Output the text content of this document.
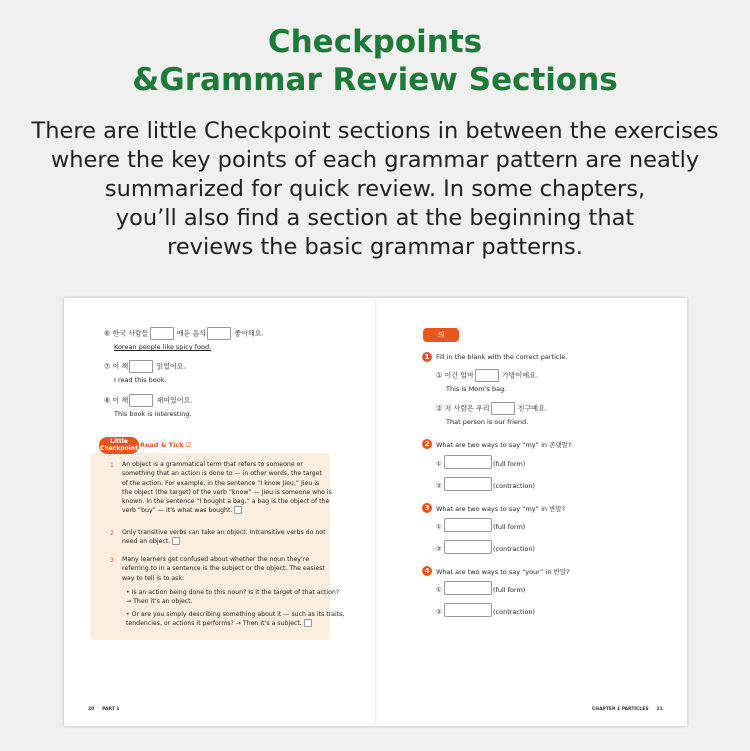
Checkpoints
&Grammar Review Sections
There are little Checkpoint sections in between the exercises
where the key points of each grammar pattern are neatly
summarized for quick review. In some chapters,
you’ll also find a section at the beginning that
reviews the basic grammar patterns.
⑥ 한국 사람들	매운 음식	좋아해요.
Korean people like spicy food.
⑦ 이 책	읽었어요.
I read this book.
⑧ 이 책	재미있어요.
This book is interesting.
Little
Checkpoint Read & Tick ☑
1 An object is a grammatical term that refers to someone or
something that an action is done to — in other words, the target
of the action. For example, in the sentence “I know Jieu,” Jieu is
the object (the target) of the verb “know” — Jieu is someone who is
known. In the sentence “I bought a bag,” a bag is the object of the
verb “buy” — it’s what was bought.
2 Only transitive verbs can take an object. Intransitive verbs do not
need an object.
3 Many learners get confused about whether the noun they’re
referring to in a sentence is the subject or the object. The easiest
way to tell is to ask:
• Is an action being done to this noun? Is it the target of that action?
→ Then it’s an object.
• Or are you simply describing something about it — such as its traits,
tendencies, or actions it performs? → Then it’s a subject.
20 PART 1
의
1	Fill in the blank with the correct particle.
① 이건 엄마	가방이에요.
This is Mom’s bag.
② 저 사람은 우리	친구예요.
That person is our friend.
2	What are two ways to say “my” in 존댓말?
①	(full form)
②	(contraction)
3	What are two ways to say “my” in 반말?
①	(full form)
②	(contraction)
4	What are two ways to say “your” in 반말?
①	(full form)
②	(contraction)
CHAPTER 1 PARTICLES 21
